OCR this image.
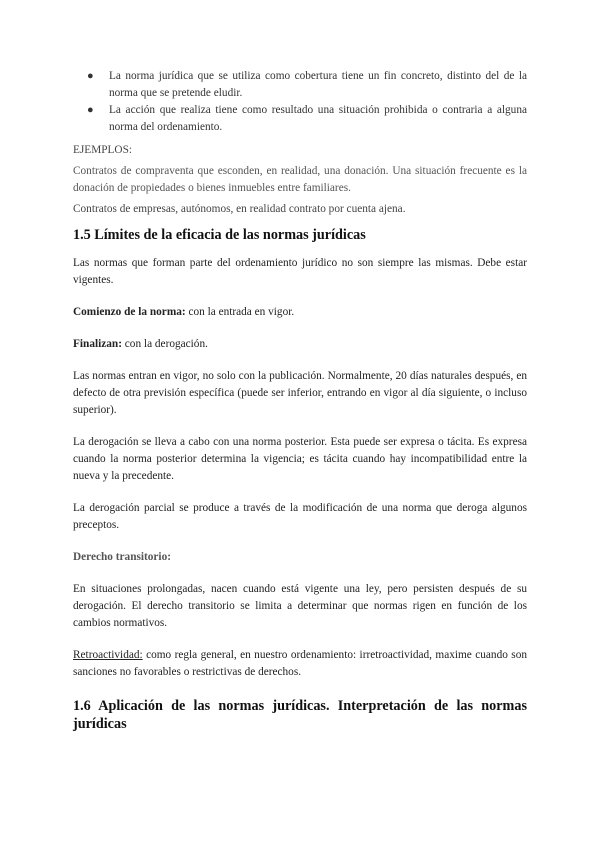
● La norma jurídica que se utiliza como cobertura tiene un fin concreto, distinto del de la norma que se pretende eludir.
● La acción que realiza tiene como resultado una situación prohibida o contraria a alguna norma del ordenamiento.

EJEMPLOS:

Contratos de compraventa que esconden, en realidad, una donación. Una situación frecuente es la donación de propiedades o bienes inmuebles entre familiares.

Contratos de empresas, autónomos, en realidad contrato por cuenta ajena.

1.5 Límites de la eficacia de las normas jurídicas

Las normas que forman parte del ordenamiento jurídico no son siempre las mismas. Debe estar vigentes.

Comienzo de la norma: con la entrada en vigor.

Finalizan: con la derogación.

Las normas entran en vigor, no solo con la publicación. Normalmente, 20 días naturales después, en defecto de otra previsión específica (puede ser inferior, entrando en vigor al día siguiente, o incluso superior).

La derogación se lleva a cabo con una norma posterior. Esta puede ser expresa o tácita. Es expresa cuando la norma posterior determina la vigencia; es tácita cuando hay incompatibilidad entre la nueva y la precedente.

La derogación parcial se produce a través de la modificación de una norma que deroga algunos preceptos.

Derecho transitorio:

En situaciones prolongadas, nacen cuando está vigente una ley, pero persisten después de su derogación. El derecho transitorio se limita a determinar que normas rigen en función de los cambios normativos.

Retroactividad: como regla general, en nuestro ordenamiento: irretroactividad, maxime cuando son sanciones no favorables o restrictivas de derechos.

1.6 Aplicación de las normas jurídicas. Interpretación de las normas jurídicas
